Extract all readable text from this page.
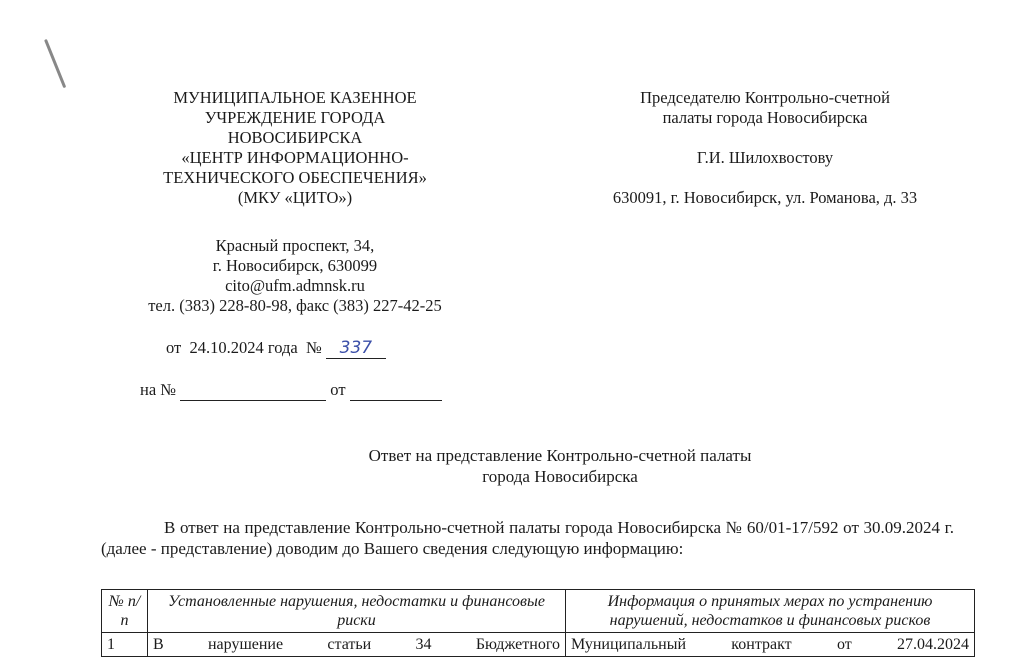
МУНИЦИПАЛЬНОЕ КАЗЕННОЕ
УЧРЕЖДЕНИЕ ГОРОДА
НОВОСИБИРСКА
«ЦЕНТР ИНФОРМАЦИОННО-
ТЕХНИЧЕСКОГО ОБЕСПЕЧЕНИЯ»
(МКУ «ЦИТО»)
Красный проспект, 34,
г. Новосибирск, 630099
cito@ufm.admnsk.ru
тел. (383) 228-80-98, факс (383) 227-42-25
от 24.10.2024 года № 337
на №	от
Председателю Контрольно-счетной
палаты города Новосибирска
Г.И. Шилохвостову
630091, г. Новосибирск, ул. Романова, д. 33
Ответ на представление Контрольно-счетной палаты
города Новосибирска
В ответ на представление Контрольно-счетной палаты города Новосибирска № 60/01-17/592 от 30.09.2024 г. (далее - представление) доводим до Вашего сведения следующую информацию:
№ п/п	Установленные нарушения, недостатки и финансовые риски	Информация о принятых мерах по устранению нарушений, недостатков и финансовых рисков
1	В нарушение статьи 34 Бюджетного	Муниципальный контракт от 27.04.2024
